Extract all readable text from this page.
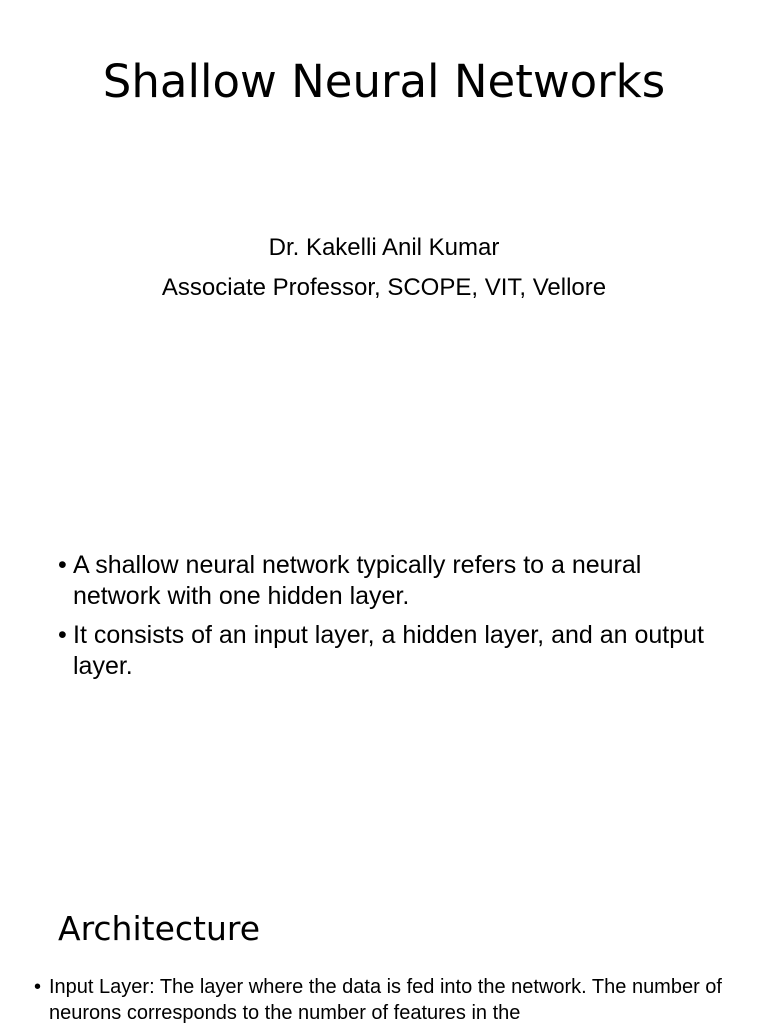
Shallow Neural Networks
Dr. Kakelli Anil Kumar
Associate Professor, SCOPE, VIT, Vellore
• A shallow neural network typically refers to a neural network with one hidden layer.
• It consists of an input layer, a hidden layer, and an output layer.
Architecture
• Input Layer: The layer where the data is fed into the network. The number of neurons corresponds to the number of features in the
